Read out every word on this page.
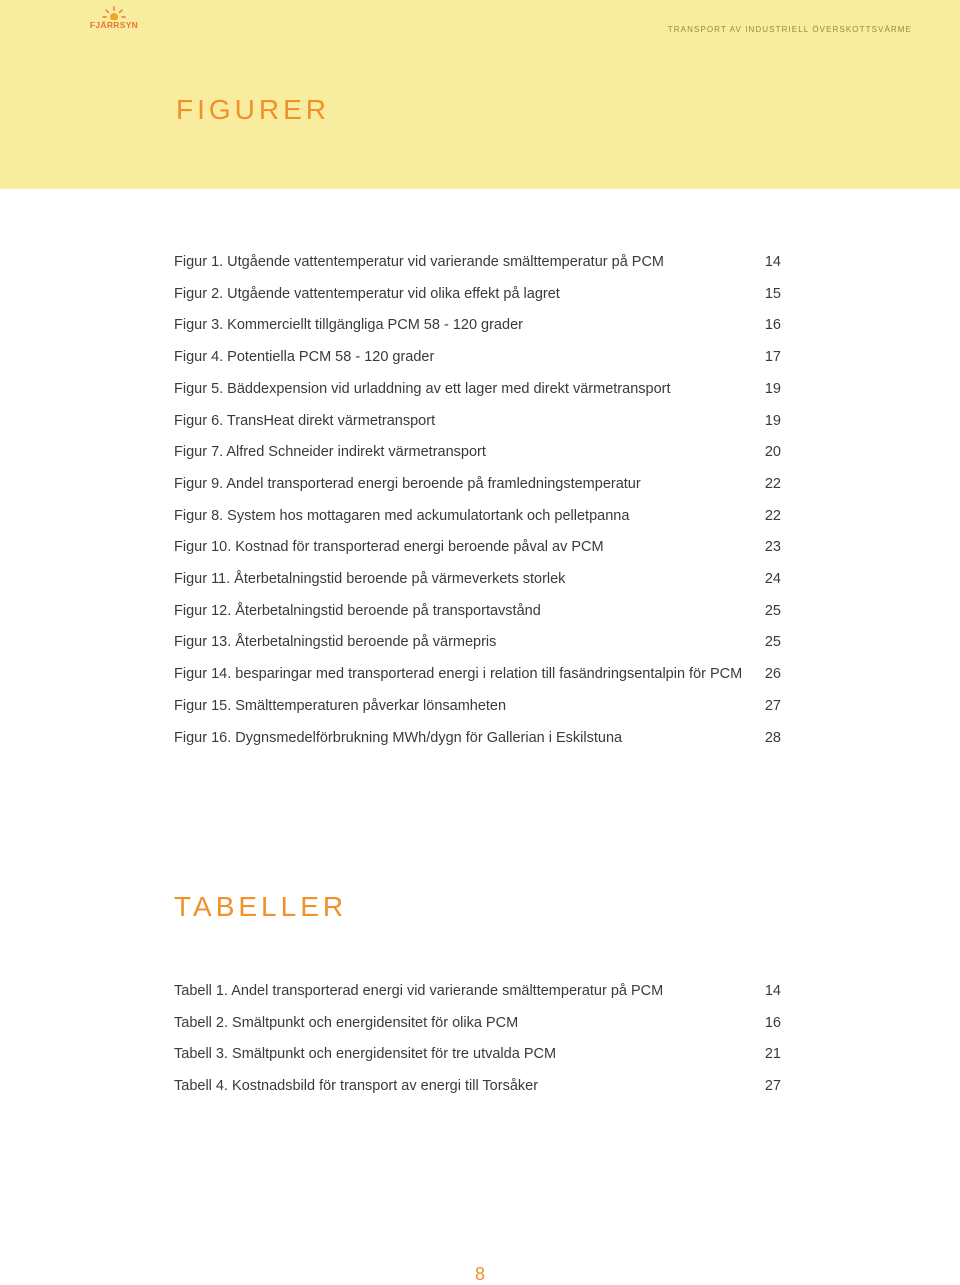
FJÄRRSYN	TRANSPORT AV INDUSTRIELL ÖVERSKOTTSVÄRME
FIGURER
Figur 1. Utgående vattentemperatur vid varierande smälttemperatur på PCM	14
Figur 2. Utgående vattentemperatur vid olika effekt på lagret	15
Figur 3. Kommerciellt tillgängliga PCM 58 - 120 grader	16
Figur 4. Potentiella PCM 58 - 120 grader	17
Figur 5. Bäddexpension vid urladdning av ett lager med direkt värmetransport	19
Figur 6. TransHeat direkt värmetransport	19
Figur 7. Alfred Schneider indirekt värmetransport	20
Figur 9. Andel transporterad energi beroende på framledningstemperatur	22
Figur 8. System hos mottagaren med ackumulatortank och pelletpanna	22
Figur 10. Kostnad för transporterad energi beroende påval av PCM	23
Figur 11. Återbetalningstid beroende på värmeverkets storlek	24
Figur 12. Återbetalningstid beroende på transportavstånd	25
Figur 13. Återbetalningstid beroende på värmepris	25
Figur 14. besparingar med transporterad energi i relation till fasändringsentalpin för PCM 26
Figur 15. Smälttemperaturen påverkar lönsamheten	27
Figur 16. Dygnsmedelförbrukning MWh/dygn för Gallerian i Eskilstuna	28
TABELLER
Tabell 1. Andel transporterad energi vid varierande smälttemperatur på PCM	14
Tabell 2. Smältpunkt och energidensitet för olika PCM	16
Tabell 3. Smältpunkt och energidensitet för tre utvalda PCM	21
Tabell 4. Kostnadsbild för transport av energi till Torsåker	27
8
